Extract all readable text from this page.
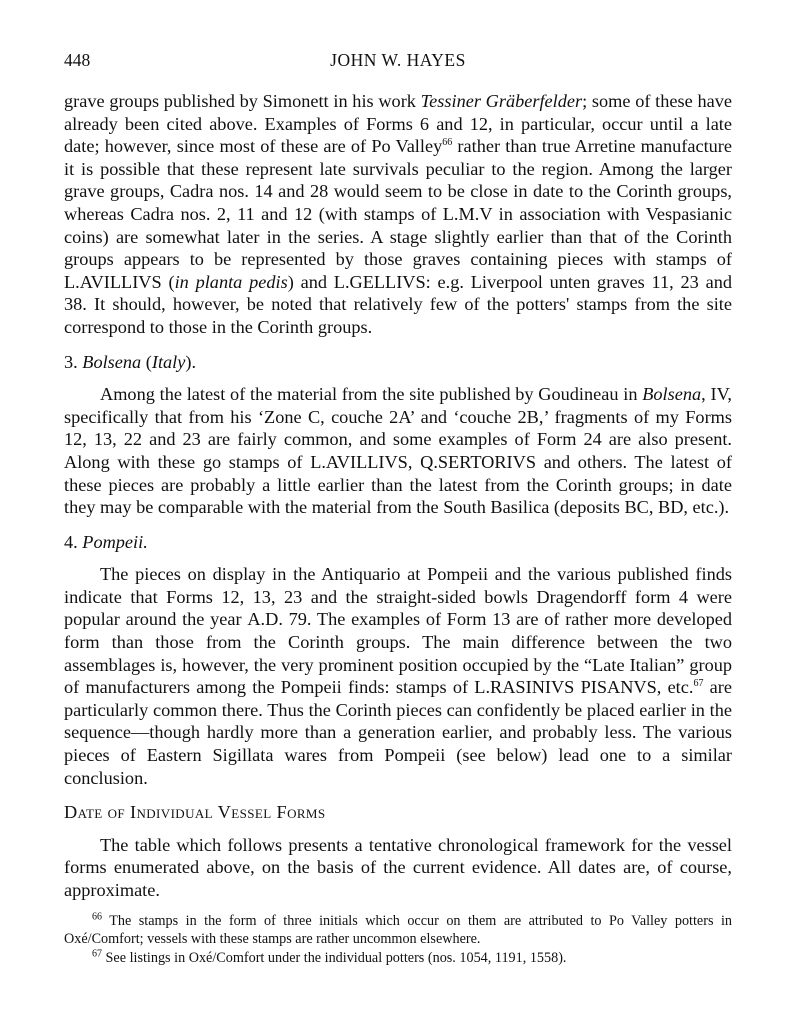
448	JOHN W. HAYES

grave groups published by Simonett in his work Tessiner Gräberfelder; some of these have already been cited above. Examples of Forms 6 and 12, in particular, occur until a late date; however, since most of these are of Po Valley$^{66}$ rather than true Arretine manufacture it is possible that these represent late survivals peculiar to the region. Among the larger grave groups, Cadra nos. 14 and 28 would seem to be close in date to the Corinth groups, whereas Cadra nos. 2, 11 and 12 (with stamps of L.M.V in association with Vespasianic coins) are somewhat later in the series. A stage slightly earlier than that of the Corinth groups appears to be represented by those graves containing pieces with stamps of L.AVILLIVS (in planta pedis) and L.GELLIVS: e.g. Liverpool unten graves 11, 23 and 38. It should, however, be noted that relatively few of the potters' stamps from the site correspond to those in the Corinth groups.

3. Bolsena (Italy).

Among the latest of the material from the site published by Goudineau in Bolsena, IV, specifically that from his ‘Zone C, couche 2A’ and ‘couche 2B,’ fragments of my Forms 12, 13, 22 and 23 are fairly common, and some examples of Form 24 are also present. Along with these go stamps of L.AVILLIVS, Q.SERTORIVS and others. The latest of these pieces are probably a little earlier than the latest from the Corinth groups; in date they may be comparable with the material from the South Basilica (deposits BC, BD, etc.).

4. Pompeii.

The pieces on display in the Antiquario at Pompeii and the various published finds indicate that Forms 12, 13, 23 and the straight-sided bowls Dragendorff form 4 were popular around the year A.D. 79. The examples of Form 13 are of rather more developed form than those from the Corinth groups. The main difference between the two assemblages is, however, the very prominent position occupied by the “Late Italian” group of manufacturers among the Pompeii finds: stamps of L.RASINIVS PISANVS, etc.$^{67}$ are particularly common there. Thus the Corinth pieces can confidently be placed earlier in the sequence—though hardly more than a generation earlier, and probably less. The various pieces of Eastern Sigillata wares from Pompeii (see below) lead one to a similar conclusion.

Date of Individual Vessel Forms

The table which follows presents a tentative chronological framework for the vessel forms enumerated above, on the basis of the current evidence. All dates are, of course, approximate.

$^{66}$ The stamps in the form of three initials which occur on them are attributed to Po Valley potters in Oxé/Comfort; vessels with these stamps are rather uncommon elsewhere.

$^{67}$ See listings in Oxé/Comfort under the individual potters (nos. 1054, 1191, 1558).
